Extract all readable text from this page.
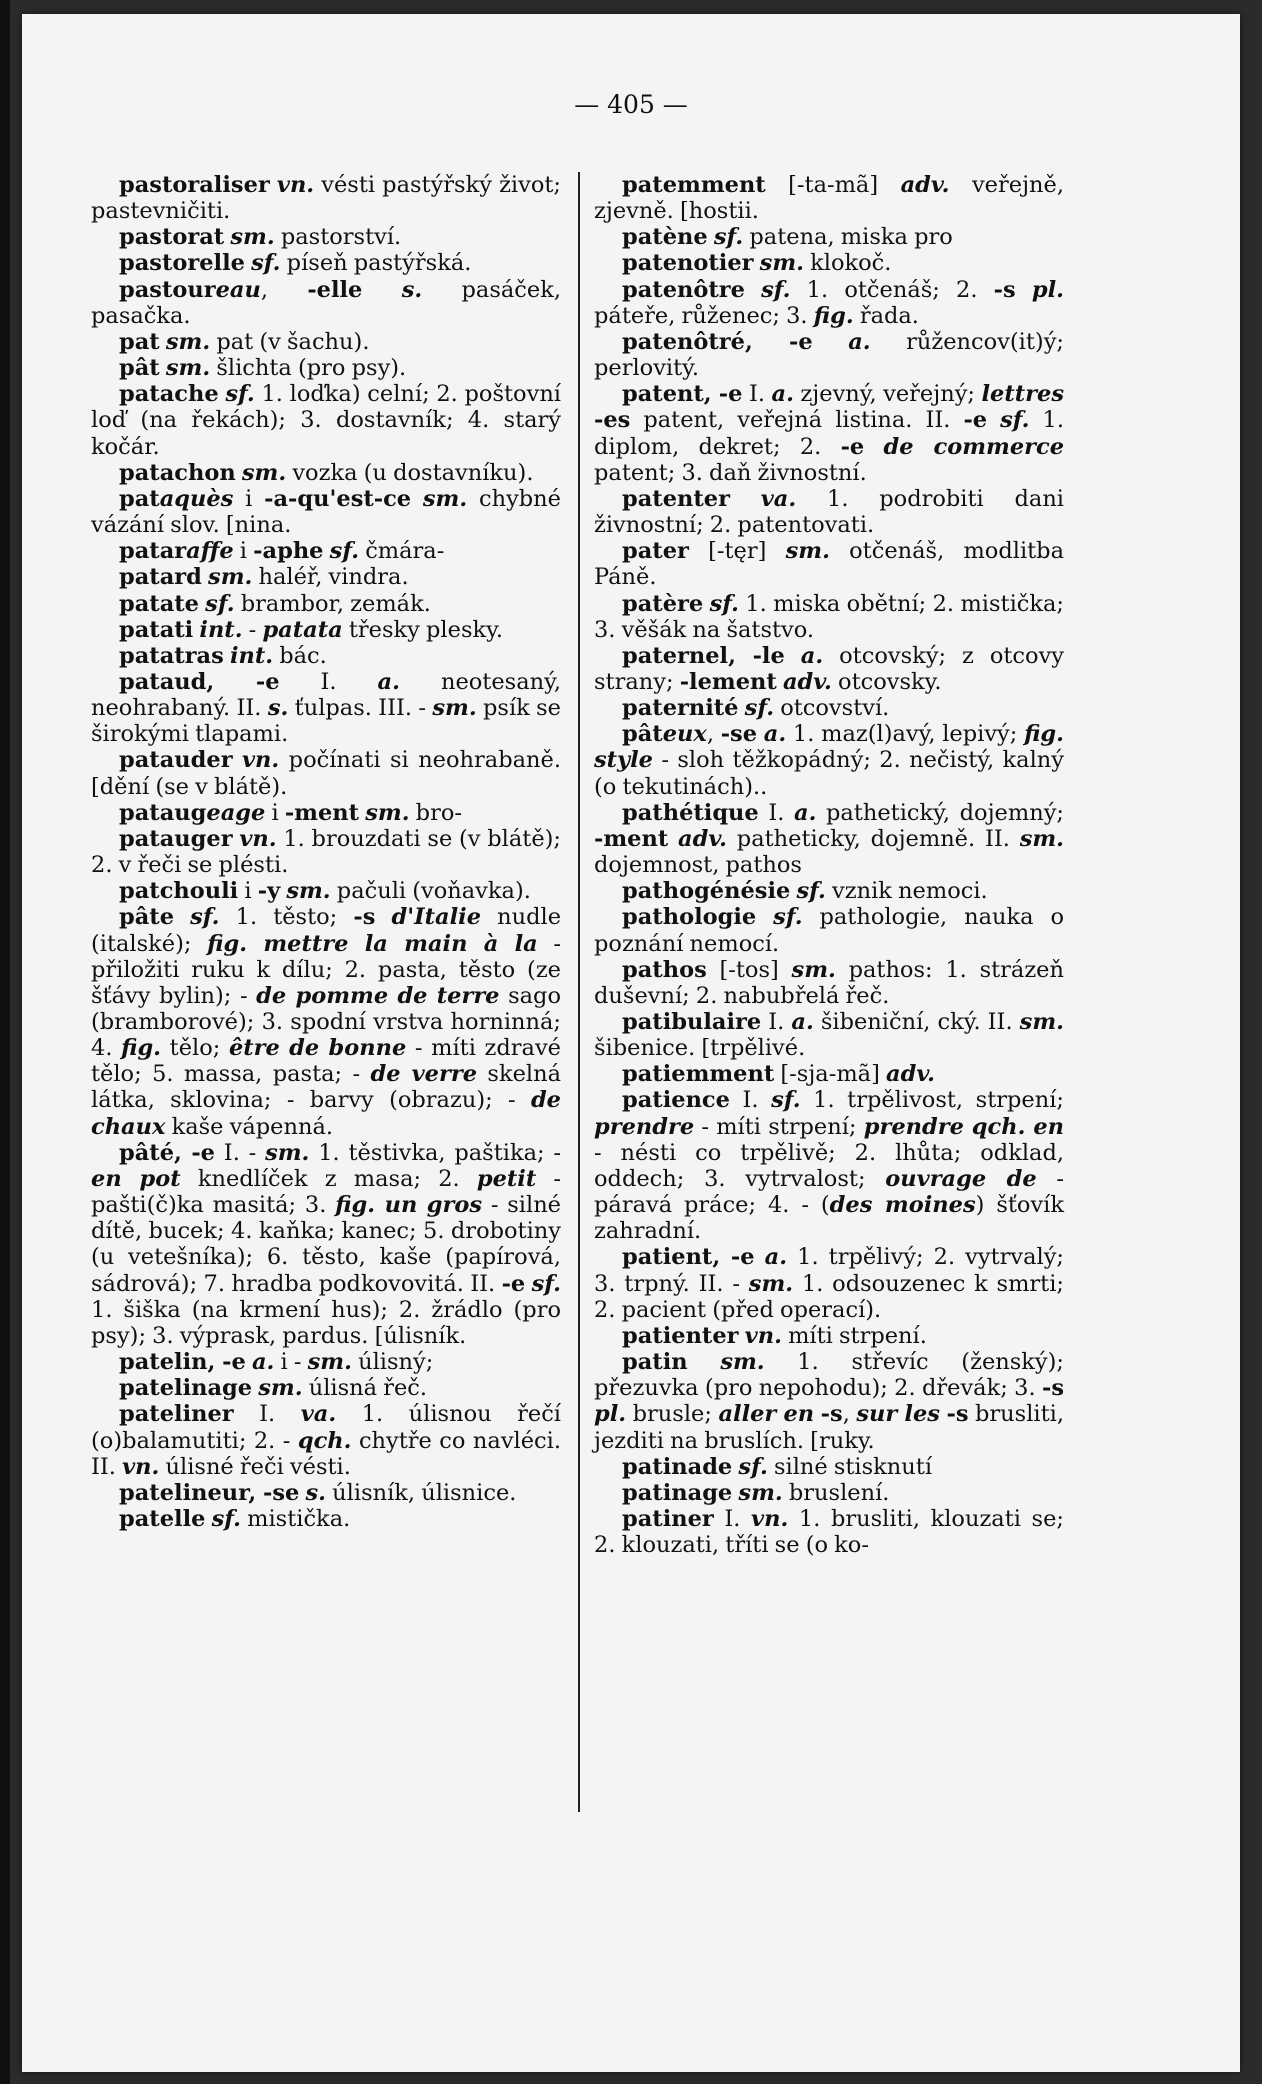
— 405 —

pastoraliser vn. vésti pastýřský život; pastevničiti.

pastorat sm. pastorství.

pastorelle sf. píseň pastýřská.

pastoureau, -elle s. pasáček, pasačka.

pat sm. pat (v šachu).

pât sm. šlichta (pro psy).

patache sf. 1. loďka) celní; 2. poštovní loď (na řekách); 3. dostavník; 4. starý kočár.

patachon sm. vozka (u dostavníku).

pataquès i -a-qu'est-ce sm. chybné vázání slov. [nina.

pataraffe i -aphe sf. čmára-

patard sm. haléř, vindra.

patate sf. brambor, zemák.

patati int. - patata třesky plesky.

patatras int. bác.

pataud, -e I. a. neotesaný, neohrabaný. II. s. ťulpas. III. - sm. psík se širokými tlapami.

patauder vn. počínati si neohrabaně. [dění (se v blátě).

pataugeage i -ment sm. bro-

patauger vn. 1. brouzdati se (v blátě); 2. v řeči se plésti.

patchouli i -y sm. pačuli (voňavka).

pâte sf. 1. těsto; -s d'Italie nudle (italské); fig. mettre la main à la - přiložiti ruku k dílu; 2. pasta, těsto (ze šťávy bylin); - de pomme de terre sago (bramborové); 3. spodní vrstva horninná; 4. fig. tělo; être de bonne - míti zdravé tělo; 5. massa, pasta; - de verre skelná látka, sklovina; - barvy (obrazu); - de chaux kaše vápenná.

pâté, -e I. - sm. 1. těstivka, paštika; - en pot knedlíček z masa; 2. petit - pašti(č)ka masitá; 3. fig. un gros - silné dítě, bucek; 4. kaňka; kanec; 5. drobotiny (u vetešníka); 6. těsto, kaše (papírová, sádrová); 7. hradba podkovovitá. II. -e sf. 1. šiška (na krmení hus); 2. žrádlo (pro psy); 3. výprask, pardus. [úlisník.

patelin, -e a. i - sm. úlisný;

patelinage sm. úlisná řeč.

pateliner I. va. 1. úlisnou řečí (o)balamutiti; 2. - qch. chytře co navléci. II. vn. úlisné řeči vésti.

patelineur, -se s. úlisník, úlisnice.

patelle sf. mistička.

patemment [-ta-mã] adv. veřejně, zjevně. [hostii.

patène sf. patena, miska pro

patenotier sm. klokoč.

patenôtre sf. 1. otčenáš; 2. -s pl. páteře, růženec; 3. fig. řada.

patenôtré, -e a. růžencov(it)ý; perlovitý.

patent, -e I. a. zjevný, veřejný; lettres -es patent, veřejná listina. II. -e sf. 1. diplom, dekret; 2. -e de commerce patent; 3. daň živnostní.

patenter va. 1. podrobiti dani živnostní; 2. patentovati.

pater [-tęr] sm. otčenáš, modlitba Páně.

patère sf. 1. miska obětní; 2. mistička; 3. věšák na šatstvo.

paternel, -le a. otcovský; z otcovy strany; -lement adv. otcovsky.

paternité sf. otcovství.

pâteux, -se a. 1. maz(l)avý, lepivý; fig. style - sloh těžkopádný; 2. nečistý, kalný (o tekutinách)..

pathétique I. a. pathetický, dojemný; -ment adv. patheticky, dojemně. II. sm. dojemnost, pathos

pathogénésie sf. vznik nemoci.

pathologie sf. pathologie, nauka o poznání nemocí.

pathos [-tos] sm. pathos: 1. strázeň duševní; 2. nabubřelá řeč.

patibulaire I. a. šibeniční, cký. II. sm. šibenice. [trpělivé.

patiemment [-sja-mã] adv.

patience I. sf. 1. trpělivost, strpení; prendre - míti strpení; prendre qch. en - nésti co trpělivě; 2. lhůta; odklad, oddech; 3. vytrvalost; ouvrage de - páravá práce; 4. - (des moines) šťovík zahradní.

patient, -e a. 1. trpělivý; 2. vytrvalý; 3. trpný. II. - sm. 1. odsouzenec k smrti; 2. pacient (před operací).

patienter vn. míti strpení.

patin sm. 1. střevíc (ženský); přezuvka (pro nepohodu); 2. dřevák; 3. -s pl. brusle; aller en -s, sur les -s brusliti, jezditi na bruslích. [ruky.

patinade sf. silné stisknutí

patinage sm. bruslení.

patiner I. vn. 1. brusliti, klouzati se; 2. klouzati, tříti se (o ko-
